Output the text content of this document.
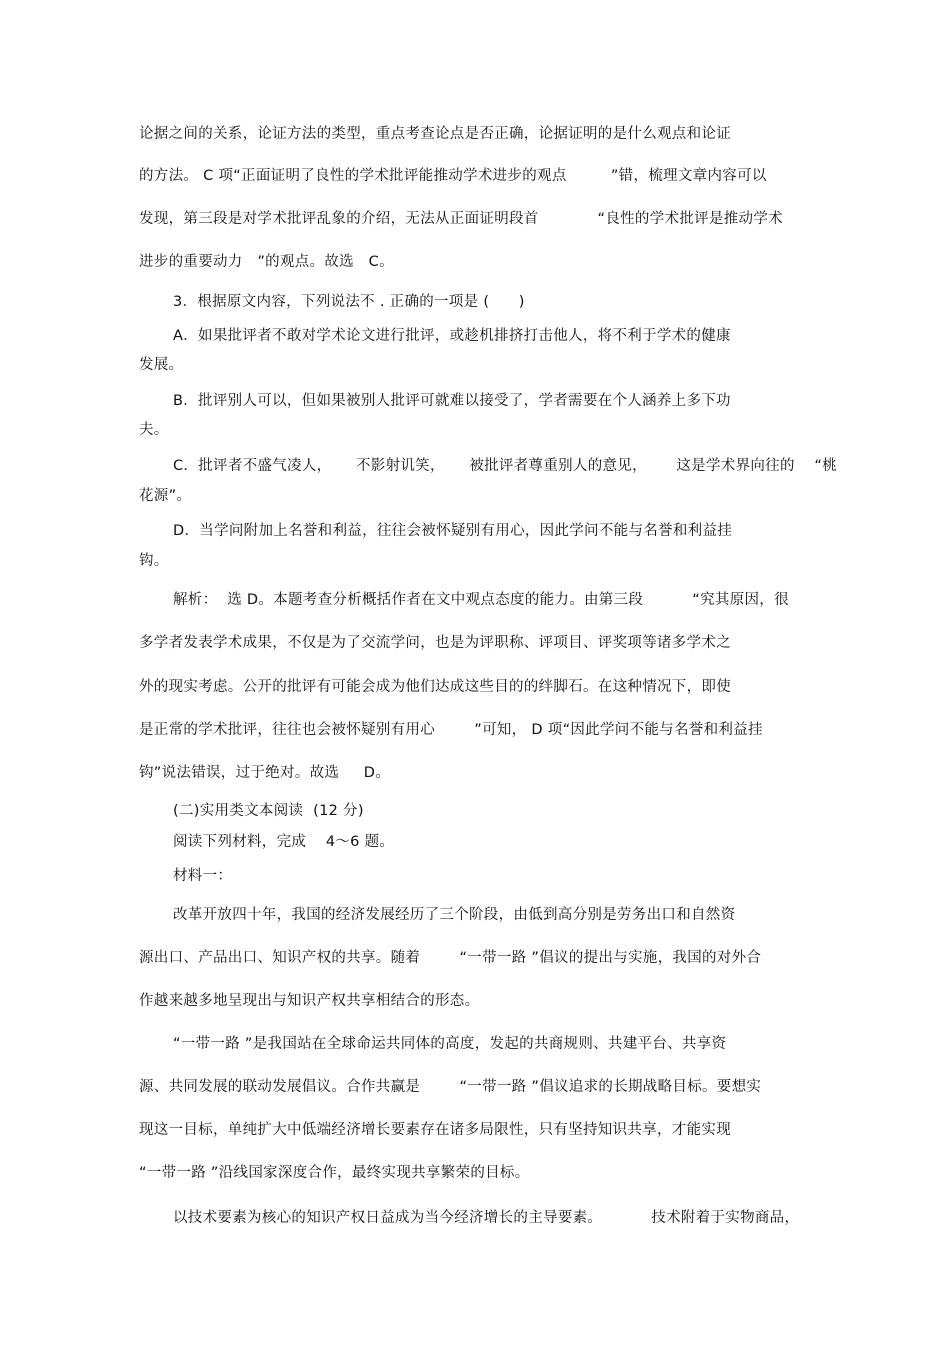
论据之间的关系，论证方法的类型，重点考查论点是否正确，论据证明的是什么观点和论证
的方法。 C 项“正面证明了良性的学术批评能推动学术进步的观点         ”错，梳理文章内容可以
发现，第三段是对学术批评乱象的介绍，无法从正面证明段首            “良性的学术批评是推动学术
进步的重要动力   ”的观点。故选   C。
3．根据原文内容，下列说法不 . 正确的一项是 (      )
A．如果批评者不敢对学术论文进行批评，或趁机排挤打击他人，将不利于学术的健康
发展。
B．批评别人可以，但如果被别人批评可就难以接受了，学者需要在个人涵养上多下功
夫。
C．批评者不盛气凌人，     不影射讥笑，     被批评者尊重别人的意见，      这是学术界向往的    “桃
花源”。
D．当学问附加上名誉和利益，往往会被怀疑别有用心，因此学问不能与名誉和利益挂
钩。
解析：  选 D。本题考查分析概括作者在文中观点态度的能力。由第三段          “究其原因，很
多学者发表学术成果，不仅是为了交流学问，也是为评职称、评项目、评奖项等诸多学术之
外的现实考虑。公开的批评有可能会成为他们达成这些目的的绊脚石。在这种情况下，即使
是正常的学术批评，往往也会被怀疑别有用心        ”可知， D 项“因此学问不能与名誉和利益挂
钩”说法错误，过于绝对。故选     D。
(二)实用类文本阅读  (12 分)
阅读下列材料，完成    4～6 题。
材料一：
改革开放四十年，我国的经济发展经历了三个阶段，由低到高分别是劳务出口和自然资
源出口、产品出口、知识产权的共享。随着        “一带一路 ”倡议的提出与实施，我国的对外合
作越来越多地呈现出与知识产权共享相结合的形态。
“一带一路 ”是我国站在全球命运共同体的高度，发起的共商规则、共建平台、共享资
源、共同发展的联动发展倡议。合作共赢是        “一带一路 ”倡议追求的长期战略目标。要想实
现这一目标，单纯扩大中低端经济增长要素存在诸多局限性，只有坚持知识共享，才能实现
“一带一路 ”沿线国家深度合作，最终实现共享繁荣的目标。
以技术要素为核心的知识产权日益成为当今经济增长的主导要素。          技术附着于实物商品，
